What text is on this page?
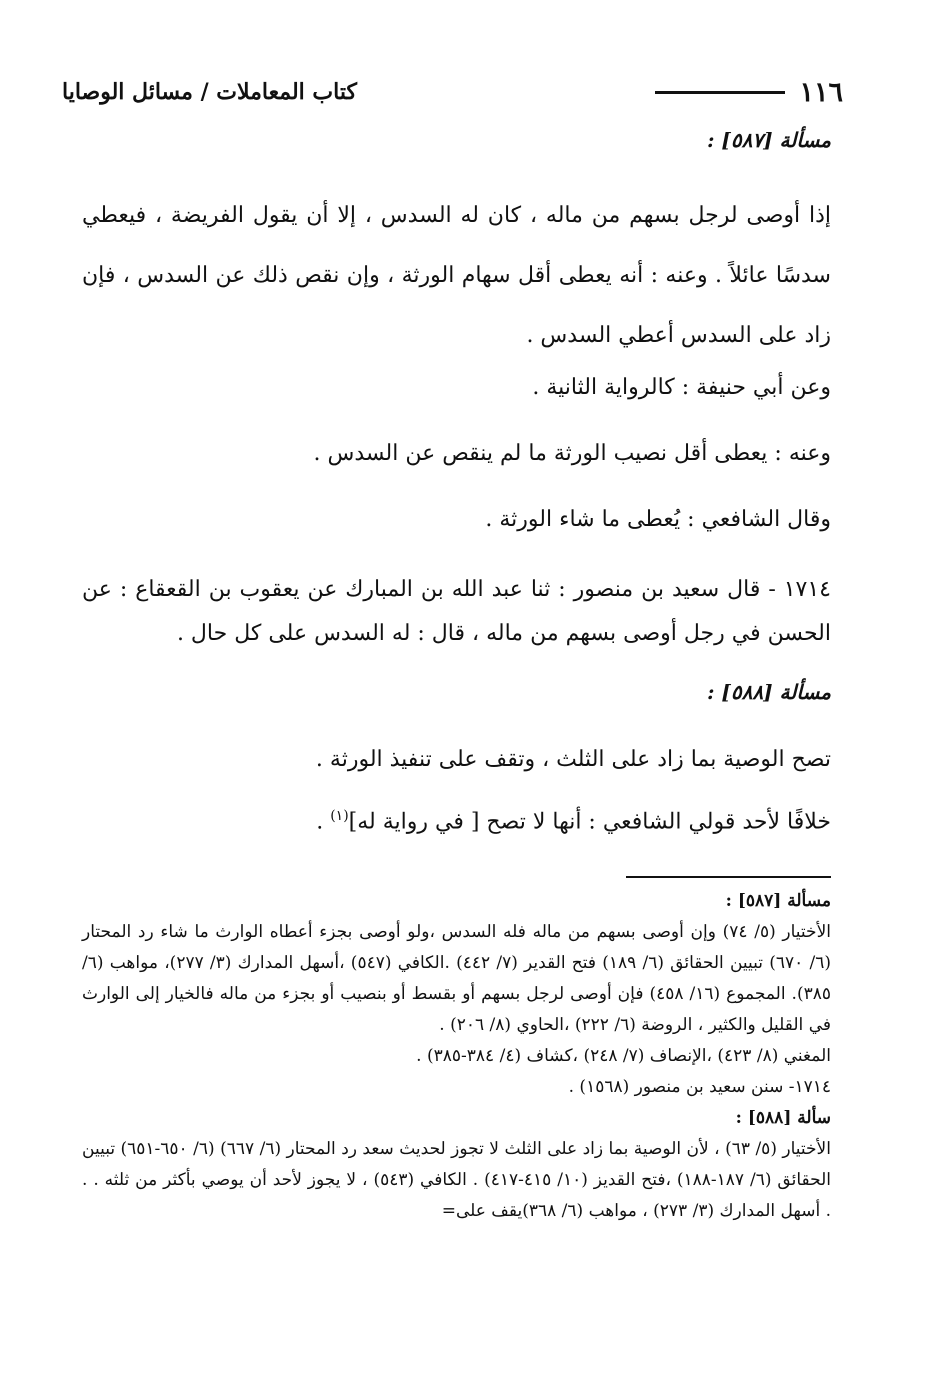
١١٦
كتاب المعاملات / مسائل الوصايا
مسألة [٥٨٧] :
إذا أوصى لرجل بسهم من ماله ، كان له السدس ، إلا أن يقول الفريضة ، فيعطي سدسًا عائلاً . وعنه : أنه يعطى أقل سهام الورثة ، وإن نقص ذلك عن السدس ، فإن زاد على السدس أعطي السدس .
وعن أبي حنيفة : كالرواية الثانية .
وعنه : يعطى أقل نصيب الورثة ما لم ينقص عن السدس .
وقال الشافعي : يُعطى ما شاء الورثة .
١٧١٤ - قال سعيد بن منصور : ثنا عبد الله بن المبارك عن يعقوب بن القعقاع : عن الحسن في رجل أوصى بسهم من ماله ، قال : له السدس على كل حال .
مسألة [٥٨٨] :
تصح الوصية بما زاد على الثلث ، وتقف على تنفيذ الورثة .
خلافًا لأحد قولي الشافعي : أنها لا تصح [ في رواية له]$^{(١)}$ .
مسألة [٥٨٧] :
الأختيار (٥/ ٧٤) وإن أوصى بسهم من ماله فله السدس ،ولو أوصى بجزء أعطاه الوارث ما شاء رد المحتار (٦/ ٦٧٠) تبيين الحقائق (٦/ ١٨٩) فتح القدير (٧/ ٤٤٢) .الكافي (٥٤٧) ،أسهل المدارك (٣/ ٢٧٧)، مواهب (٦/ ٣٨٥). المجموع (١٦/ ٤٥٨) فإن أوصى لرجل بسهم أو بقسط أو بنصيب أو بجزء من ماله فالخيار إلى الوارث في القليل والكثير ، الروضة (٦/ ٢٢٢) ،الحاوي (٨/ ٢٠٦) .
المغني (٨/ ٤٢٣) ،الإنصاف (٧/ ٢٤٨) ،كشاف (٤/ ٣٨٤-٣٨٥) .
١٧١٤- سنن سعيد بن منصور (١٥٦٨) .
سألة [٥٨٨] :
الأختيار (٥/ ٦٣) ، لأن الوصية بما زاد على الثلث لا تجوز لحديث سعد رد المحتار (٦/ ٦٦٧) (٦/ ٦٥٠-٦٥١) تبيين الحقائق (٦/ ١٨٧-١٨٨) ،فتح القديز (١٠/ ٤١٥-٤١٧) . الكافي (٥٤٣) ، لا يجوز لأحد أن يوصي بأكثر من ثلثه . . . أسهل المدارك (٣/ ٢٧٣) ، مواهب (٦/ ٣٦٨)يقف على=
